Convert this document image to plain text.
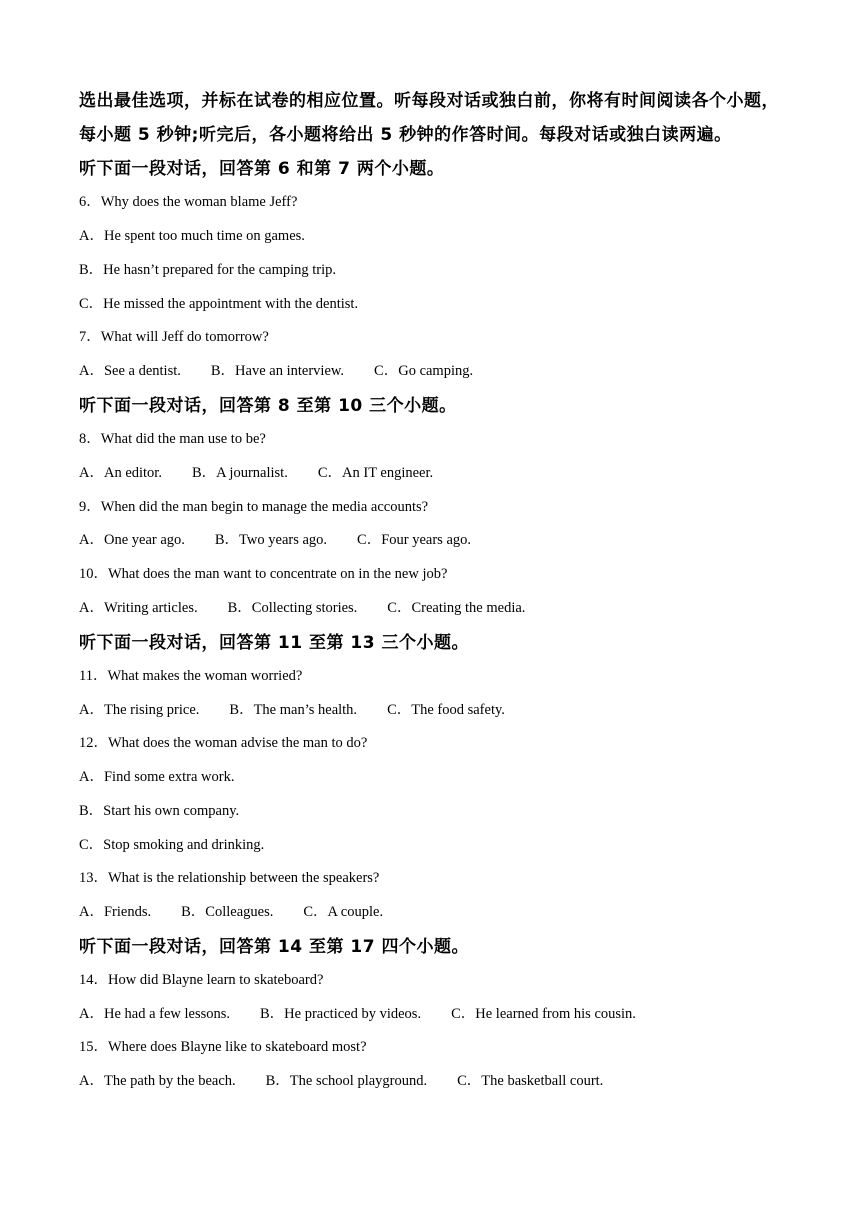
选出最佳选项，并标在试卷的相应位置。听每段对话或独白前，你将有时间阅读各个小题，
每小题 5 秒钟;听完后，各小题将给出 5 秒钟的作答时间。每段对话或独白读两遍。
听下面一段对话，回答第 6 和第 7 两个小题。
6．Why does the woman blame Jeff?
A．He spent too much time on games.
B．He hasn’t prepared for the camping trip.
C．He missed the appointment with the dentist.
7．What will Jeff do tomorrow?
A．See a dentist. B．Have an interview. C．Go camping.
听下面一段对话，回答第 8 至第 10 三个小题。
8．What did the man use to be?
A．An editor. B．A journalist. C．An IT engineer.
9．When did the man begin to manage the media accounts?
A．One year ago. B．Two years ago. C．Four years ago.
10．What does the man want to concentrate on in the new job?
A．Writing articles. B．Collecting stories. C．Creating the media.
听下面一段对话，回答第 11 至第 13 三个小题。
11．What makes the woman worried?
A．The rising price. B．The man’s health. C．The food safety.
12．What does the woman advise the man to do?
A．Find some extra work.
B．Start his own company.
C．Stop smoking and drinking.
13．What is the relationship between the speakers?
A．Friends. B．Colleagues. C．A couple.
听下面一段对话，回答第 14 至第 17 四个小题。
14．How did Blayne learn to skateboard?
A．He had a few lessons. B．He practiced by videos. C．He learned from his cousin.
15．Where does Blayne like to skateboard most?
A．The path by the beach. B．The school playground. C．The basketball court.
